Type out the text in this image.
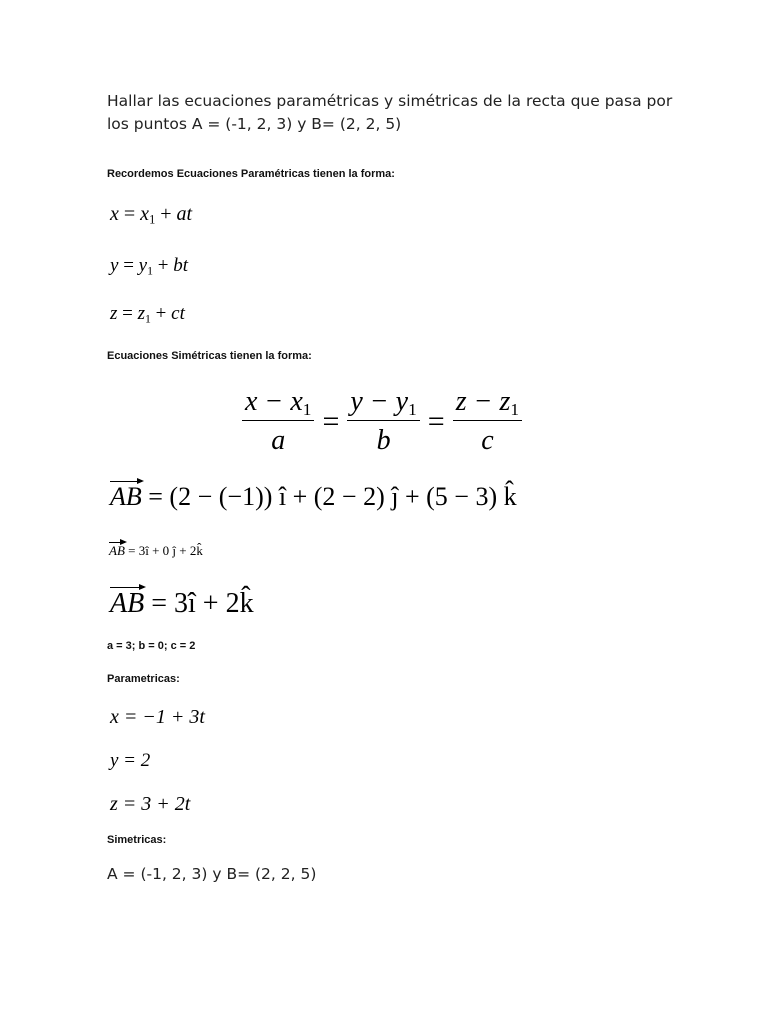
Hallar las ecuaciones paramétricas y simétricas de la recta que pasa por los puntos A = (-1, 2, 3) y B= (2, 2, 5)
Recordemos Ecuaciones Paramétricas tienen la forma:
$x = x_1$ + at
$y = y_1$ + bt
$z = z_1$ + ct
Ecuaciones Simétricas tienen la forma:
$\frac{x - x_1}{a} = \frac{y - y_1}{b} = \frac{z - z_1}{c}$
AB = (2 − (−1)) î + (2 − 2) ĵ + (5 − 3) k̂
AB = 3î + 0 ĵ + 2k̂
AB = 3î + 2k̂
a = 3; b = 0; c = 2
Parametricas:
x = −1 + 3t
y = 2
z = 3 + 2t
Simetricas:
A = (-1, 2, 3) y B= (2, 2, 5)
